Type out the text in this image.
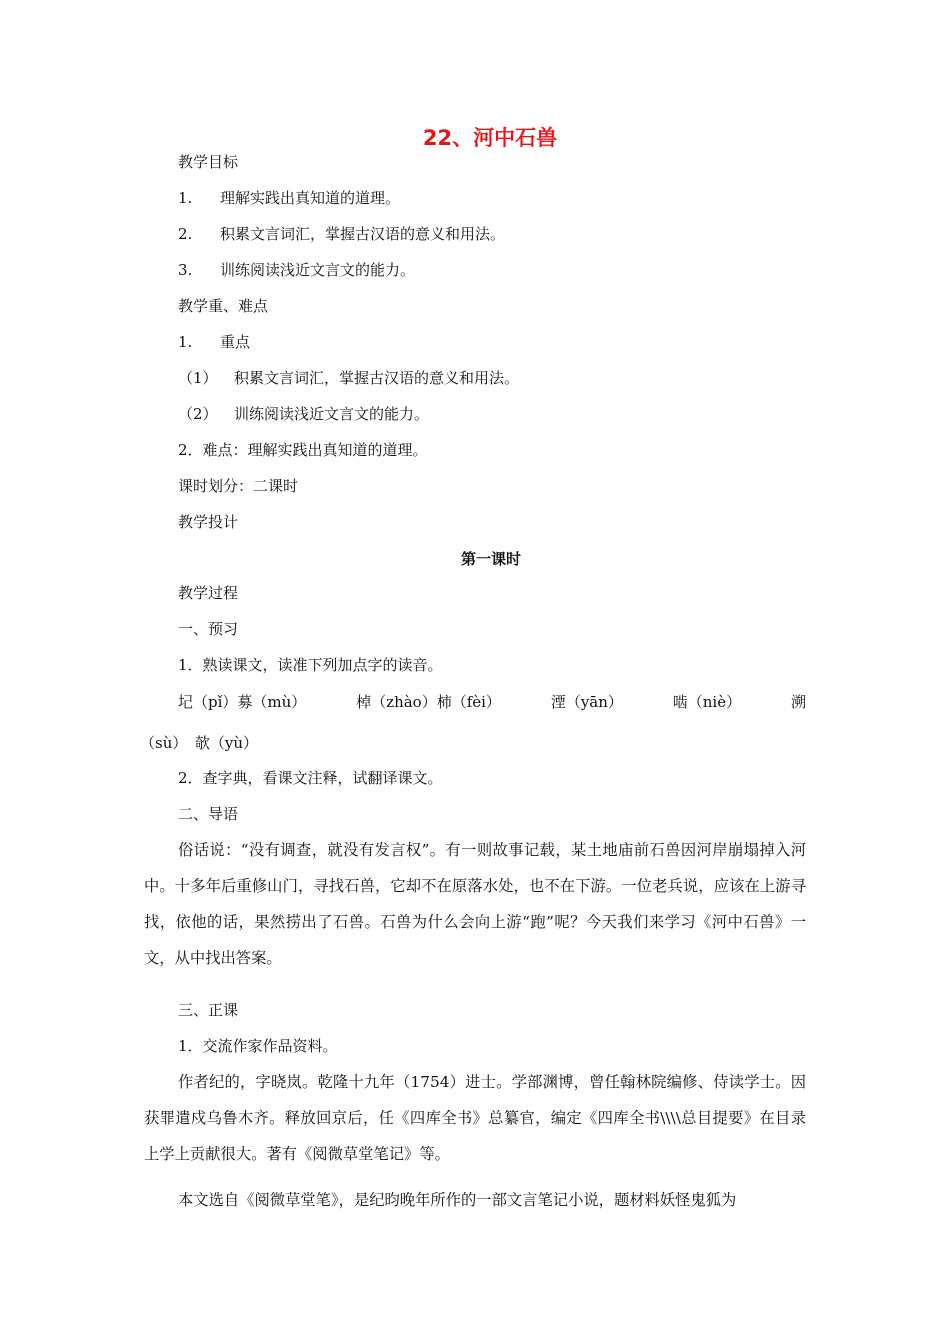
22、河中石兽
教学目标
1. 理解实践出真知道的道理。
2. 积累文言词汇，掌握古汉语的意义和用法。
3. 训练阅读浅近文言文的能力。
教学重、难点
1. 重点
（1） 积累文言词汇，掌握古汉语的意义和用法。
（2） 训练阅读浅近文言文的能力。
2．难点：理解实践出真知道的道理。
课时划分：二课时
教学投计
第一课时
教学过程
一、预习
1．熟读课文，读准下列加点字的读音。
圮（pǐ）募（mù）	棹（zhào）柿（fèi）	湮（yān）	啮（niè）	溯
（sù）　欹（yù）
2．查字典，看课文注释，试翻译课文。
二、导语
俗话说：“没有调查，就没有发言权”。有一则故事记载，某土地庙前石兽因河岸崩塌掉入河中。十多年后重修山门，寻找石兽，它却不在原落水处，也不在下游。一位老兵说，应该在上游寻找，依他的话，果然捞出了石兽。石兽为什么会向上游“跑”呢？今天我们来学习《河中石兽》一文，从中找出答案。
三、正课
1．交流作家作品资料。
作者纪的，字晓岚。乾隆十九年（1754）进士。学部渊博，曾任翰林院编修、侍读学士。因获罪遣戍乌鲁木齐。释放回京后，任《四库全书》总纂官，编定《四库全书\\\\总目提要》在目录上学上贡献很大。著有《阅微草堂笔记》等。
本文选自《阅微草堂笔》，是纪昀晚年所作的一部文言笔记小说，题材料妖怪鬼狐为
